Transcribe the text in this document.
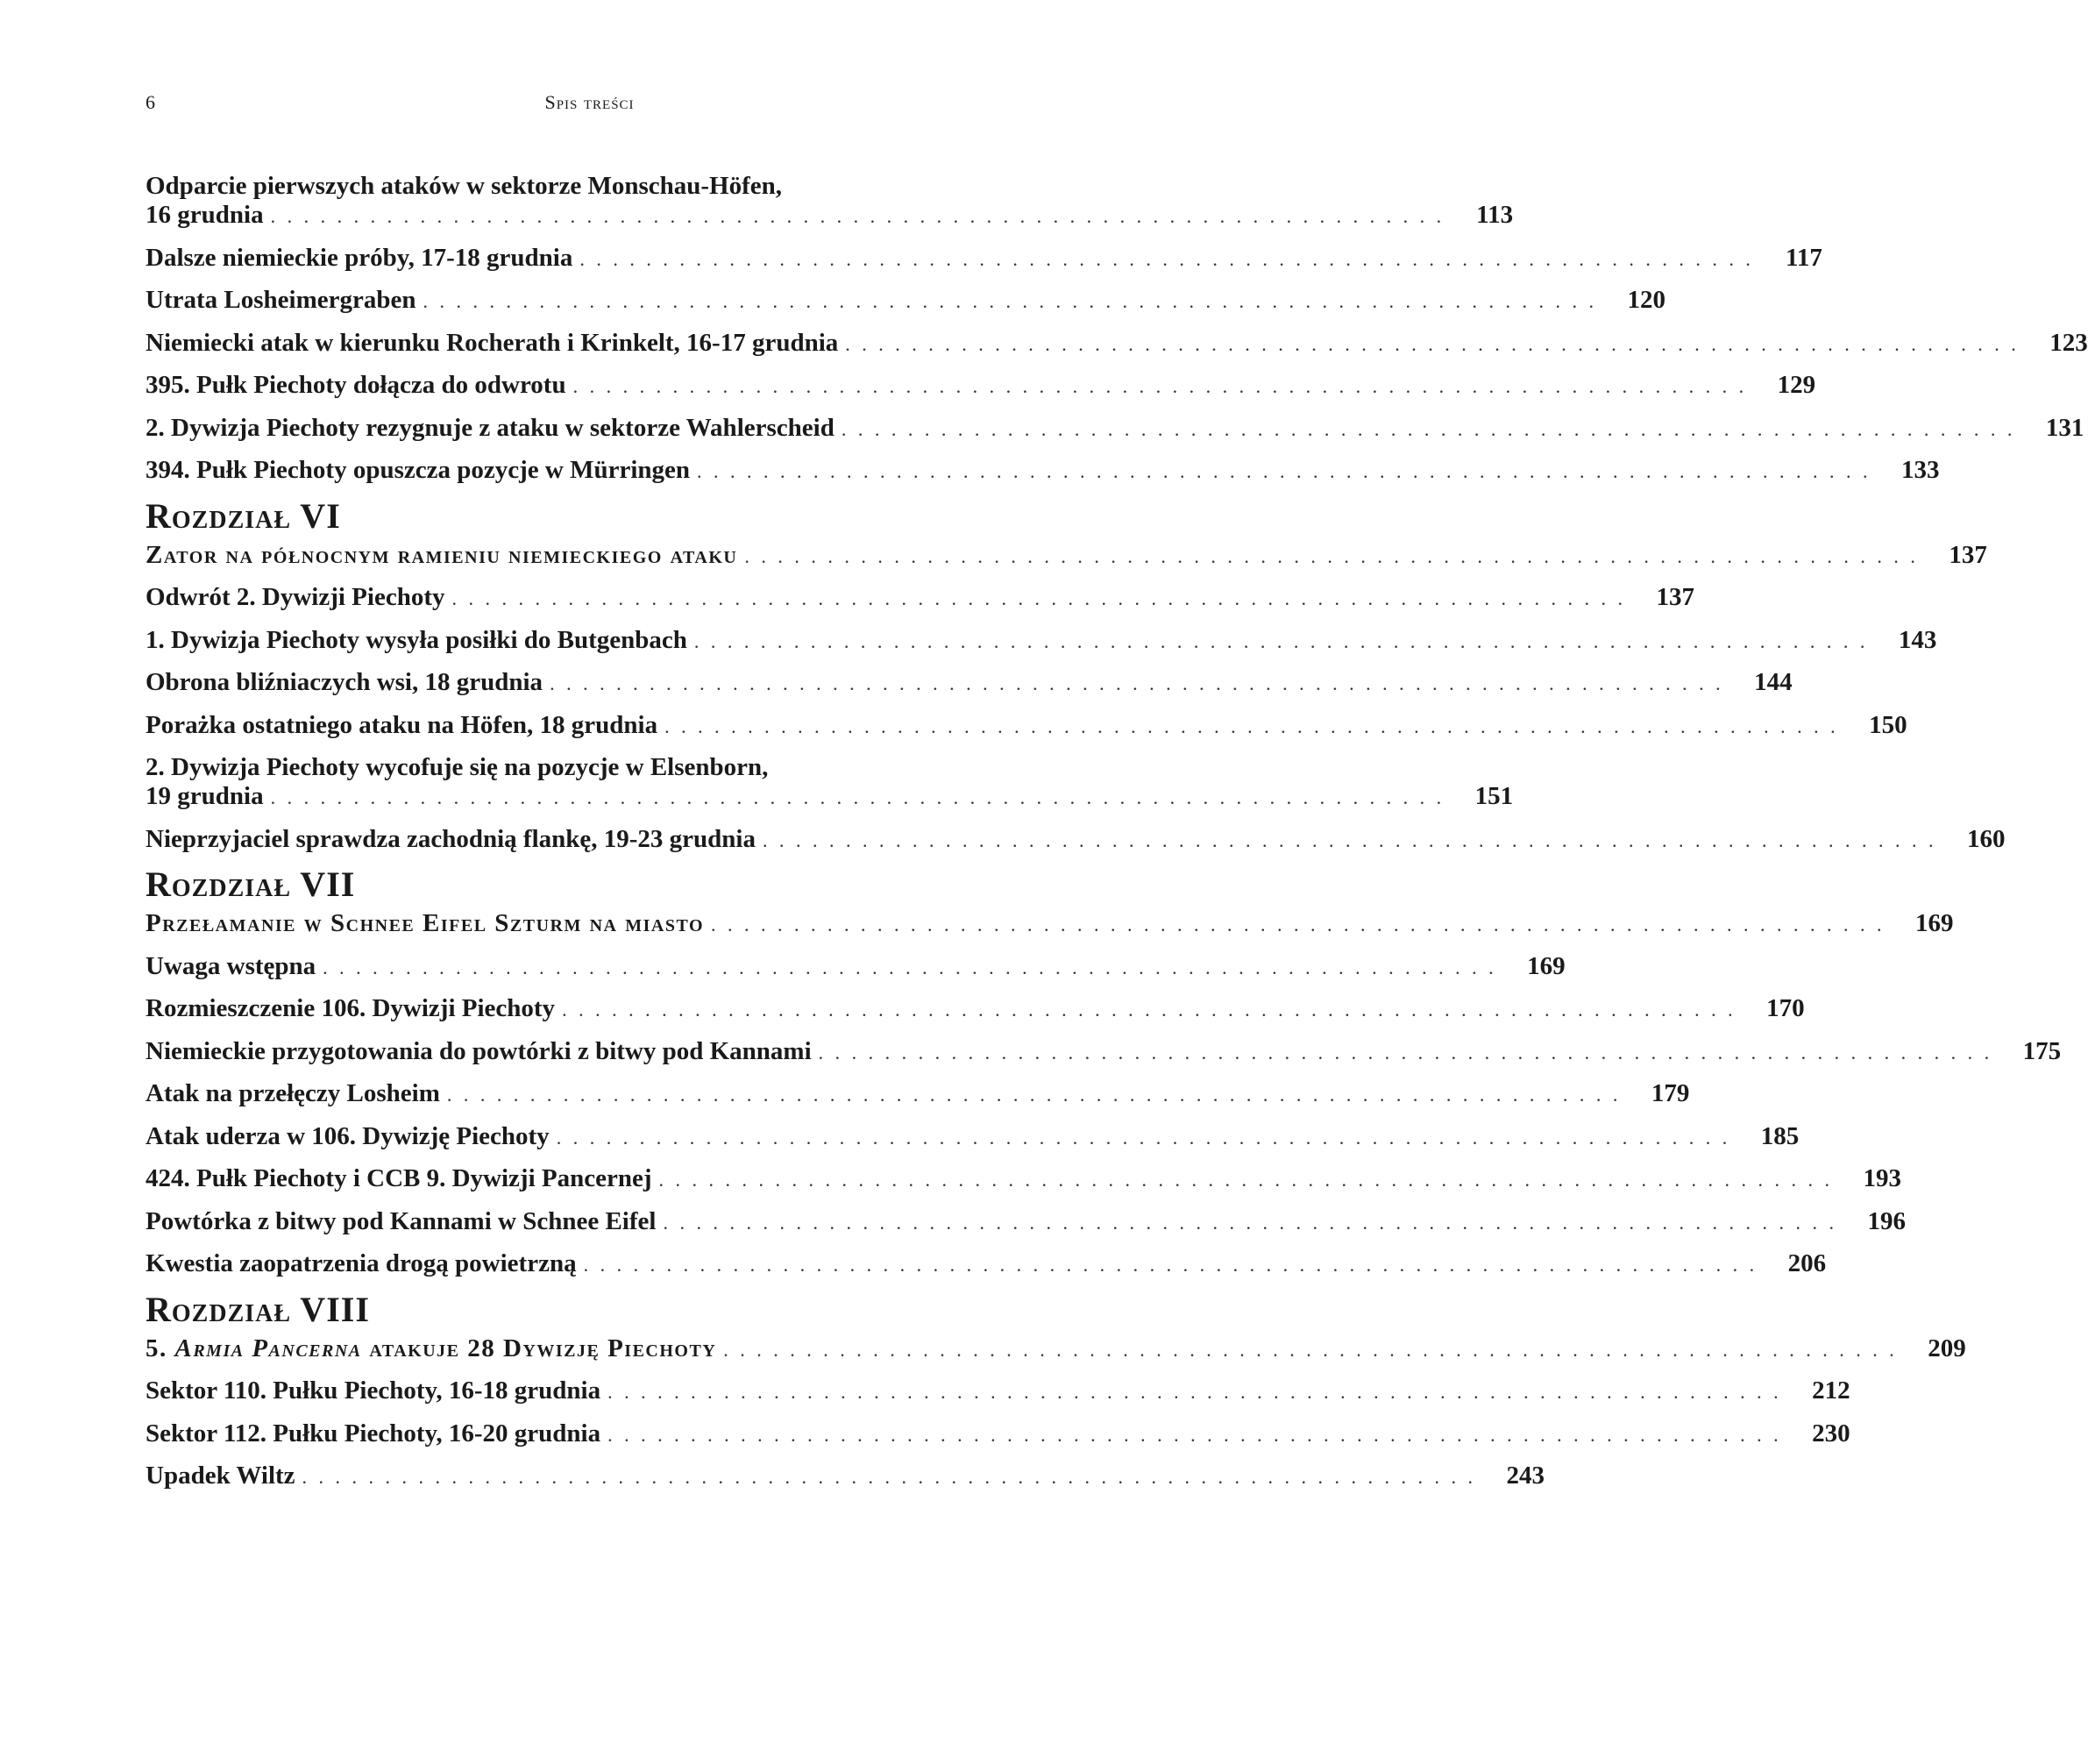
6	Spis treści
Odparcie pierwszych ataków w sektorze Monschau-Höfen,
16 grudnia . . . . . . . . . . . . . . . . . . . . . . . . . . . . . . . . . . . . . . . . . . . . . . . . . . . . . . . . . . . . . . . . . . . . . . .	113
Dalsze niemieckie próby, 17-18 grudnia . . . . . . . . . . . . . . . . . . . . . . . . . . . . . . . . . . . . . . . . . . . . . . . . . . . . . . . . . . . . . . . . . . . . . . .	117
Utrata Losheimergraben . . . . . . . . . . . . . . . . . . . . . . . . . . . . . . . . . . . . . . . . . . . . . . . . . . . . . . . . . . . . . . . . . . . . . . .	120
Niemiecki atak w kierunku Rocherath i Krinkelt, 16-17 grudnia . . . . . . . . . . . . . . . . . . . . . . . . . . . . . . . . . . . . . . . . . . . . . . . . . . . . . . . . . . . . . . . . . . . . . . .	123
395. Pułk Piechoty dołącza do odwrotu . . . . . . . . . . . . . . . . . . . . . . . . . . . . . . . . . . . . . . . . . . . . . . . . . . . . . . . . . . . . . . . . . . . . . . .	129
2. Dywizja Piechoty rezygnuje z ataku w sektorze Wahlerscheid . . . . . . . . . . . . . . . . . . . . . . . . . . . . . . . . . . . . . . . . . . . . . . . . . . . . . . . . . . . . . . . . . . . . . . .	131
394. Pułk Piechoty opuszcza pozycje w Mürringen . . . . . . . . . . . . . . . . . . . . . . . . . . . . . . . . . . . . . . . . . . . . . . . . . . . . . . . . . . . . . . . . . . . . . . .	133
Rozdział VI
Zator na północnym ramieniu niemieckiego ataku . . . . . . . . . . . . . . . . . . . . . . . . . . . . . . . . . . . . . . . . . . . . . . . . . . . . . . . . . . . . . . . . . . . . . . .	137
Odwrót 2. Dywizji Piechoty . . . . . . . . . . . . . . . . . . . . . . . . . . . . . . . . . . . . . . . . . . . . . . . . . . . . . . . . . . . . . . . . . . . . . . .	137
1. Dywizja Piechoty wysyła posiłki do Butgenbach . . . . . . . . . . . . . . . . . . . . . . . . . . . . . . . . . . . . . . . . . . . . . . . . . . . . . . . . . . . . . . . . . . . . . . .	143
Obrona bliźniaczych wsi, 18 grudnia . . . . . . . . . . . . . . . . . . . . . . . . . . . . . . . . . . . . . . . . . . . . . . . . . . . . . . . . . . . . . . . . . . . . . . .	144
Porażka ostatniego ataku na Höfen, 18 grudnia . . . . . . . . . . . . . . . . . . . . . . . . . . . . . . . . . . . . . . . . . . . . . . . . . . . . . . . . . . . . . . . . . . . . . . .	150
2. Dywizja Piechoty wycofuje się na pozycje w Elsenborn,
19 grudnia . . . . . . . . . . . . . . . . . . . . . . . . . . . . . . . . . . . . . . . . . . . . . . . . . . . . . . . . . . . . . . . . . . . . . . .	151
Nieprzyjaciel sprawdza zachodnią flankę, 19-23 grudnia . . . . . . . . . . . . . . . . . . . . . . . . . . . . . . . . . . . . . . . . . . . . . . . . . . . . . . . . . . . . . . . . . . . . . . .	160
Rozdział VII
Przełamanie w Schnee Eifel Szturm na miasto . . . . . . . . . . . . . . . . . . . . . . . . . . . . . . . . . . . . . . . . . . . . . . . . . . . . . . . . . . . . . . . . . . . . . . .	169
Uwaga wstępna . . . . . . . . . . . . . . . . . . . . . . . . . . . . . . . . . . . . . . . . . . . . . . . . . . . . . . . . . . . . . . . . . . . . . . .	169
Rozmieszczenie 106. Dywizji Piechoty . . . . . . . . . . . . . . . . . . . . . . . . . . . . . . . . . . . . . . . . . . . . . . . . . . . . . . . . . . . . . . . . . . . . . . .	170
Niemieckie przygotowania do powtórki z bitwy pod Kannami . . . . . . . . . . . . . . . . . . . . . . . . . . . . . . . . . . . . . . . . . . . . . . . . . . . . . . . . . . . . . . . . . . . . . . .	175
Atak na przełęczy Losheim . . . . . . . . . . . . . . . . . . . . . . . . . . . . . . . . . . . . . . . . . . . . . . . . . . . . . . . . . . . . . . . . . . . . . . .	179
Atak uderza w 106. Dywizję Piechoty . . . . . . . . . . . . . . . . . . . . . . . . . . . . . . . . . . . . . . . . . . . . . . . . . . . . . . . . . . . . . . . . . . . . . . .	185
424. Pułk Piechoty i CCB 9. Dywizji Pancernej . . . . . . . . . . . . . . . . . . . . . . . . . . . . . . . . . . . . . . . . . . . . . . . . . . . . . . . . . . . . . . . . . . . . . . .	193
Powtórka z bitwy pod Kannami w Schnee Eifel . . . . . . . . . . . . . . . . . . . . . . . . . . . . . . . . . . . . . . . . . . . . . . . . . . . . . . . . . . . . . . . . . . . . . . .	196
Kwestia zaopatrzenia drogą powietrzną . . . . . . . . . . . . . . . . . . . . . . . . . . . . . . . . . . . . . . . . . . . . . . . . . . . . . . . . . . . . . . . . . . . . . . .	206
Rozdział VIII
5. Armia Pancerna atakuje 28 Dywizję Piechoty . . . . . . . . . . . . . . . . . . . . . . . . . . . . . . . . . . . . . . . . . . . . . . . . . . . . . . . . . . . . . . . . . . . . . . .	209
Sektor 110. Pułku Piechoty, 16-18 grudnia . . . . . . . . . . . . . . . . . . . . . . . . . . . . . . . . . . . . . . . . . . . . . . . . . . . . . . . . . . . . . . . . . . . . . . .	212
Sektor 112. Pułku Piechoty, 16-20 grudnia . . . . . . . . . . . . . . . . . . . . . . . . . . . . . . . . . . . . . . . . . . . . . . . . . . . . . . . . . . . . . . . . . . . . . . .	230
Upadek Wiltz . . . . . . . . . . . . . . . . . . . . . . . . . . . . . . . . . . . . . . . . . . . . . . . . . . . . . . . . . . . . . . . . . . . . . . .	243
